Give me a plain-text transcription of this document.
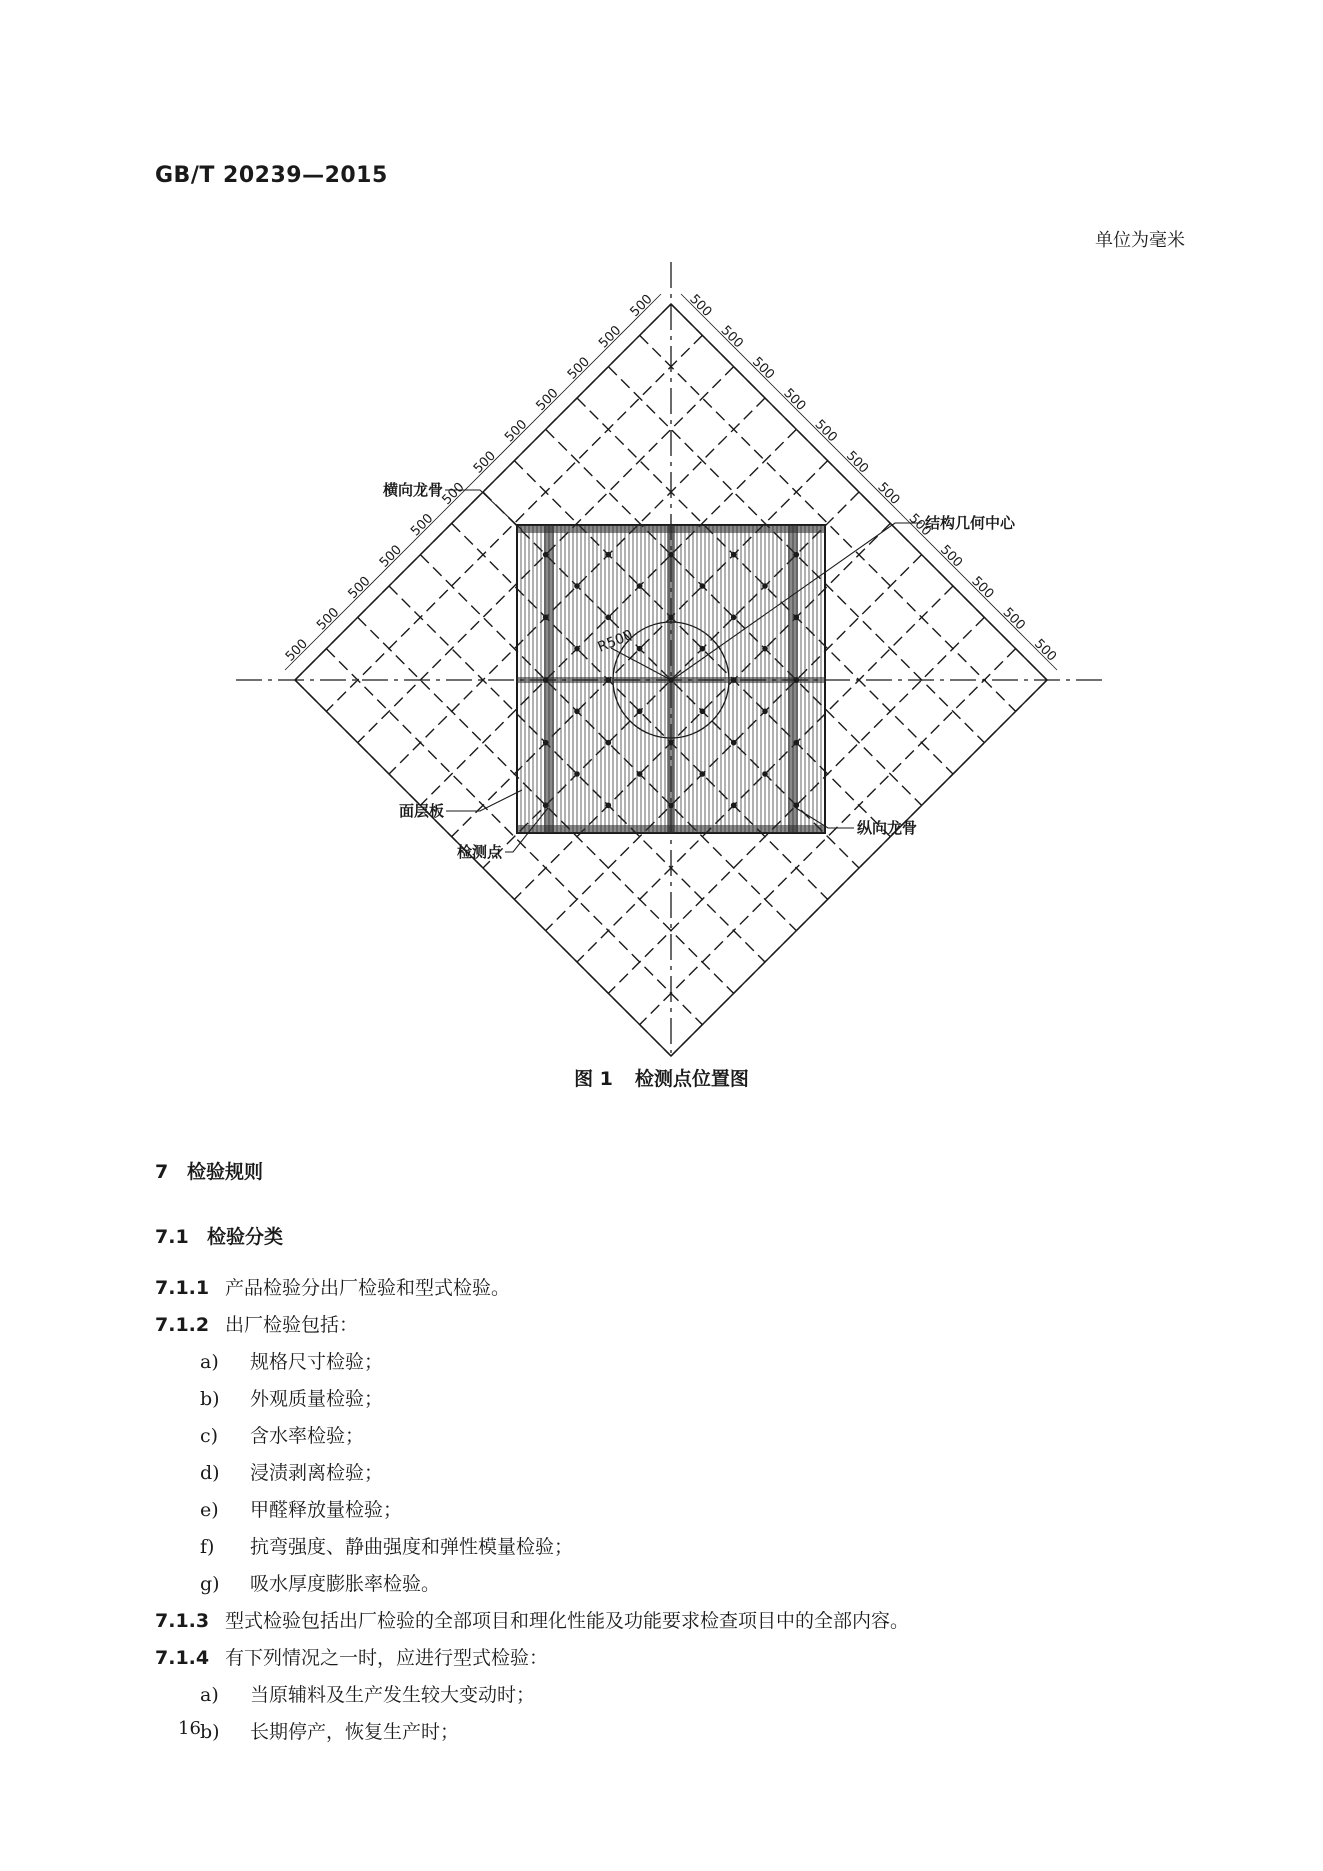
GB/T 20239—2015
单位为毫米
500
500
500
500
500
500
500
500
500
500
500
500
500
500
500
500
500
500
500
500
500
500
500
500
R500
横向龙骨
结构几何中心
面层板
检测点
纵向龙骨
图 1 检测点位置图
7 检验规则
7.1 检验分类
7.1.1 产品检验分出厂检验和型式检验。
7.1.2 出厂检验包括：
a) 规格尺寸检验；
b) 外观质量检验；
c) 含水率检验；
d) 浸渍剥离检验；
e) 甲醛释放量检验；
f) 抗弯强度、静曲强度和弹性模量检验；
g) 吸水厚度膨胀率检验。
7.1.3 型式检验包括出厂检验的全部项目和理化性能及功能要求检查项目中的全部内容。
7.1.4 有下列情况之一时，应进行型式检验：
a) 当原辅料及生产发生较大变动时；
b) 长期停产，恢复生产时；
16
